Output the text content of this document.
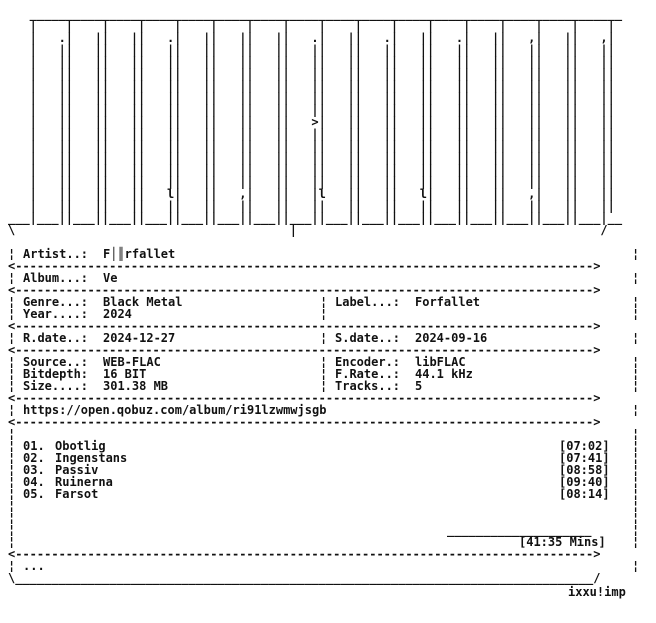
__________________________________________________________________________________
|    |    |    |    |    |    |    |    |    |    |    |    |    |    |    |    |
|   .|   ||   ||   .|   ||   ||   ||   .|   ||   .|   ||   .|   ||   ,|   ||   ,|
|   ||   ||   ||   ||   ||   ||   ||   ||   ||   ||   ||   ||   ||   ||   ||   ||
|   ||   ||   ||   ||   ||   ||   ||   ||   ||   ||   ||   ||   ||   ||   ||   ||
|   ||   ||   ||   ||   ||   ||   ||   ||   ||   ||   ||   ||   ||   ||   ||   ||
|   ||   ||   ||   ||   ||   ||   ||   ||   ||   ||   ||   ||   ||   ||   ||   ||
|   ||   ||   ||   ||   ||   ||   ||   ||   ||   ||   ||   ||   ||   ||   ||   ||
|   ||   ||   ||   ||   ||   ||   ||   ||   ||   ||   ||   ||   ||   ||   ||   ||
|   ||   ||   ||   ||   ||   ||   ||   >|   ||   ||   ||   ||   ||   ||   ||   ||
|   ||   ||   ||   ||   ||   ||   ||   ||   ||   ||   ||   ||   ||   ||   ||   ||
|   ||   ||   ||   ||   ||   ||   ||   ||   ||   ||   ||   ||   ||   ||   ||   ||
|   ||   ||   ||   ||   ||   ||   ||   ||   ||   ||   ||   ||   ||   ||   ||   ||
|   ||   ||   ||   ||   ||   ||   ||   ||   ||   ||   ||   ||   ||   ||   ||   ||
|   ||   ||   ||   ||   ||   ||   ||   ||   ||   ||   ||   ||   ||   ||   ||   ||
|   ||   ||   ||   l|   ||   ,|   ||   |l   ||   ||   l|   ||   ||   ,|   ||   ||
|   ||   ||   ||   ||   ||   ||   ||   ||   ||   ||   ||   ||   ||   ||   ||   ||
___|___||___||___||___||___||___||___||___||___||___||___||___||___||___||___||___|__
\                                      |                                          /

¦

Artist..:

F│║rfallet

	¦

<-------------------------------------------------------------------------------->

¦

Album...:

Ve

	¦

<-------------------------------------------------------------------------------->

¦

Genre...:

Black Metal

	¦

Label...:

Forfallet

	¦

¦

Year....:

2024

	¦

	¦

<-------------------------------------------------------------------------------->

¦

R.date..:

2024-12-27

	¦

S.date..:

2024-09-16

	¦

<-------------------------------------------------------------------------------->

¦

Source..:

WEB-FLAC

	¦

Encoder.:

libFLAC

	¦

¦

Bitdepth:

16 BIT

	¦

F.Rate..:

44.1 kHz

	¦

¦

Size....:

301.38 MB

	¦

Tracks..:

5

	¦

<-------------------------------------------------------------------------------->

¦

https://open.qobuz.com/album/ri91lzwmwjsgb

	¦

<-------------------------------------------------------------------------------->

¦

	¦

¦ 01. Obotlig	[07:02] ¦
¦ 02. Ingenstans	[07:41] ¦
¦ 03. Passiv	[08:58] ¦
¦ 04. Ruinerna	[09:40] ¦
¦ 05. Farsot	[08:14] ¦

¦

	¦

¦

	¦

¦

	____________________

	¦

¦

	[41:35 Mins]

¦

<-------------------------------------------------------------------------------->

¦

...

	¦

\________________________________________________________________________________/

ixxu!imp
